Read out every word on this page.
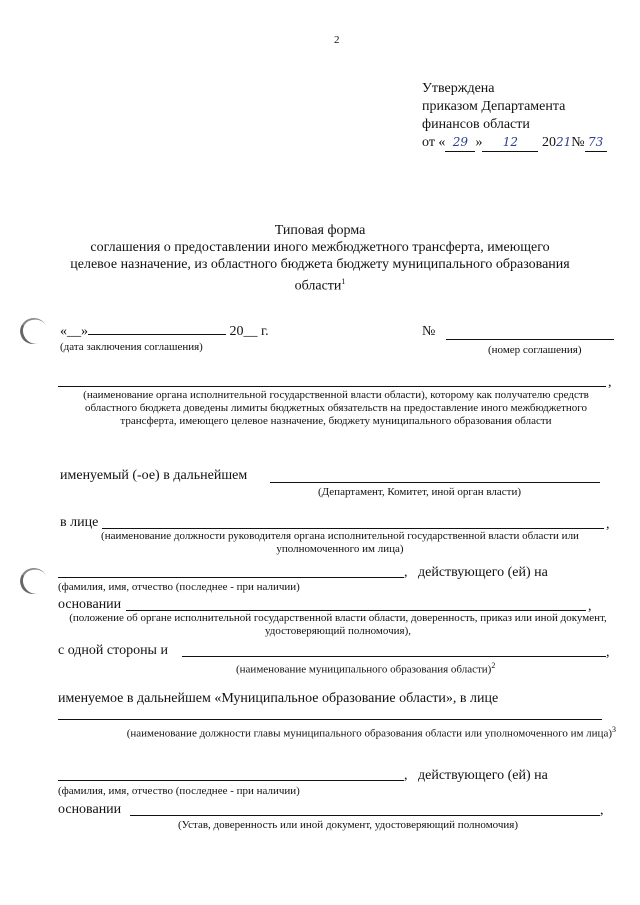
2
Утверждена
приказом Департамента
финансов области
от « 29 » 12 2021№ 73
Типовая форма
соглашения о предоставлении иного межбюджетного трансферта, имеющего
целевое назначение, из областного бюджета бюджету муниципального образования
области$^1$
«__»	20__ г.	№
(дата заключения соглашения)	(номер соглашения)
,
(наименование органа исполнительной государственной власти области), которому как получателю средств областного бюджета доведены лимиты бюджетных обязательств на предоставление иного межбюджетного трансферта, имеющего целевое назначение, бюджету муниципального образования области
именуемый (-ое) в дальнейшем
(Департамент, Комитет, иной орган власти)
в лице	,
(наименование должности руководителя органа исполнительной государственной власти области или уполномоченного им лица)
, действующего (ей) на
(фамилия, имя, отчество (последнее - при наличии)
основании	,
(положение об органе исполнительной государственной власти области, доверенность, приказ или иной документ, удостоверяющий полномочия),
с одной стороны и	,
(наименование муниципального образования области)$^2$
именуемое в дальнейшем «Муниципальное образование области», в лице
(наименование должности главы муниципального образования области или уполномоченного им лица)$^3$
, действующего (ей) на
(фамилия, имя, отчество (последнее - при наличии)
основании	,
(Устав, доверенность или иной документ, удостоверяющий полномочия)
